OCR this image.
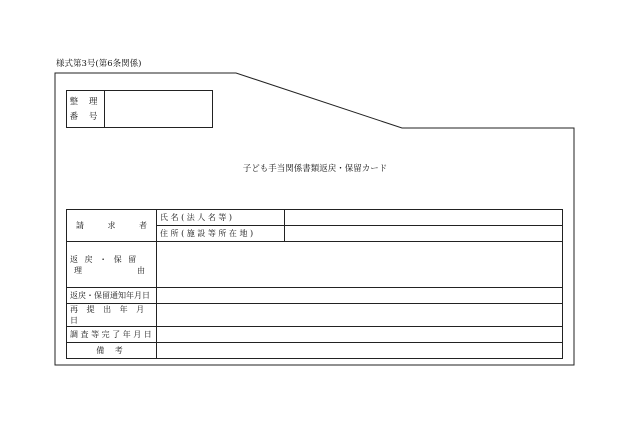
様式第3号(第6条関係)
整 理
番 号
子ども手当関係書類返戻・保留カード
請 求 者	氏 名 ( 法 人 名 等 )	
	住 所 ( 施 設 等 所 在 地 )	

返 戻 ・ 保 留
理 由		

返戻・保留通知年月日		
再 提 出 年 月 日		
調 査 等 完 了 年 月 日		
備 考		
